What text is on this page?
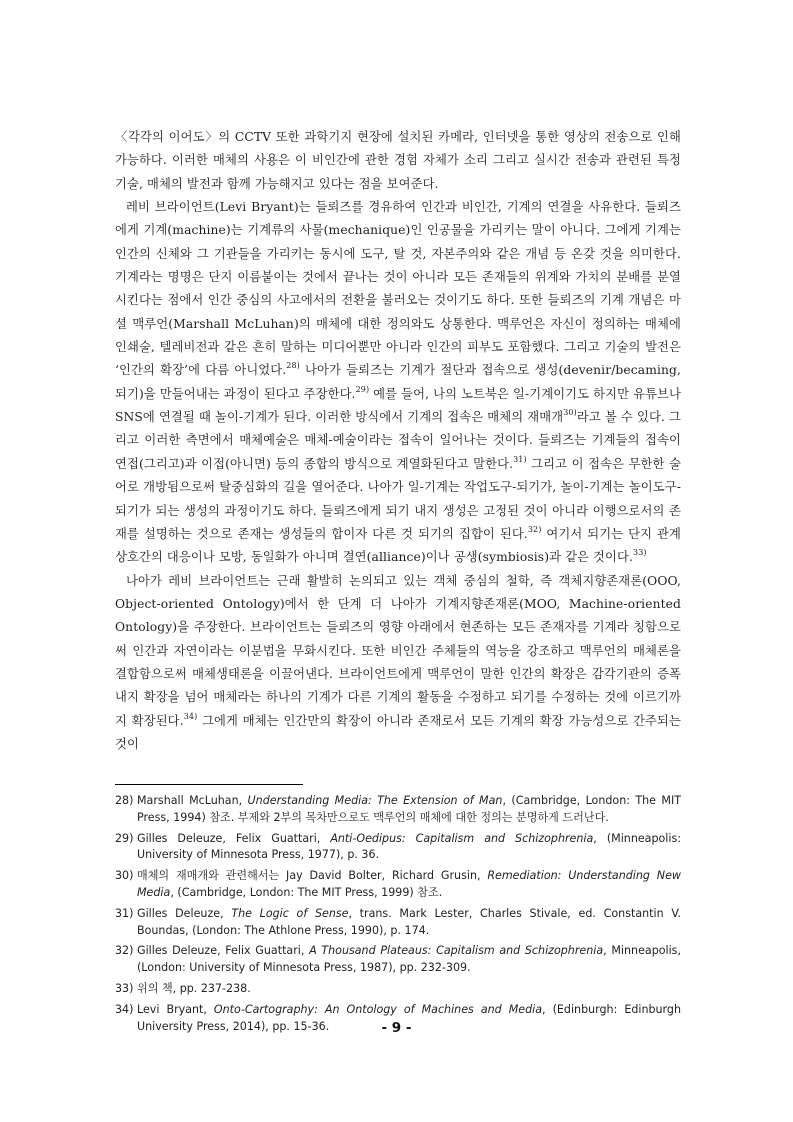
〈각각의 이어도〉의 CCTV 또한 과학기지 현장에 설치된 카메라, 인터넷을 통한 영상의 전송으로 인해 가능하다. 이러한 매체의 사용은 이 비인간에 관한 경험 자체가 소리 그리고 실시간 전송과 관련된 특정 기술, 매체의 발전과 함께 가능해지고 있다는 점을 보여준다.

레비 브라이언트(Levi Bryant)는 들뢰즈를 경유하여 인간과 비인간, 기계의 연결을 사유한다. 들뢰즈에게 기계(machine)는 기계류의 사물(mechanique)인 인공물을 가리키는 말이 아니다. 그에게 기계는 인간의 신체와 그 기관들을 가리키는 동시에 도구, 탈 것, 자본주의와 같은 개념 등 온갖 것을 의미한다. 기계라는 명명은 단지 이름붙이는 것에서 끝나는 것이 아니라 모든 존재들의 위계와 가치의 분배를 분열시킨다는 점에서 인간 중심의 사고에서의 전환을 불러오는 것이기도 하다. 또한 들뢰즈의 기계 개념은 마셜 맥루언(Marshall McLuhan)의 매체에 대한 정의와도 상통한다. 맥루언은 자신이 정의하는 매체에 인쇄술, 텔레비전과 같은 흔히 말하는 미디어뿐만 아니라 인간의 피부도 포함했다. 그리고 기술의 발전은 ‘인간의 확장’에 다름 아니었다.$^{28)}$ 나아가 들뢰즈는 기계가 절단과 접속으로 생성(devenir/becaming, 되기)을 만들어내는 과정이 된다고 주장한다.$^{29)}$ 예를 들어, 나의 노트북은 일-기계이기도 하지만 유튜브나 SNS에 연결될 때 놀이-기계가 된다. 이러한 방식에서 기계의 접속은 매체의 재매개$^{30)}$라고 볼 수 있다. 그리고 이러한 측면에서 매체예술은 매체-예술이라는 접속이 일어나는 것이다. 들뢰즈는 기계들의 접속이 연접(그리고)과 이접(아니면) 등의 종합의 방식으로 계열화된다고 말한다.$^{31)}$ 그리고 이 접속은 무한한 술어로 개방됨으로써 탈중심화의 길을 열어준다. 나아가 일-기계는 작업도구-되기가, 놀이-기계는 놀이도구-되기가 되는 생성의 과정이기도 하다. 들뢰즈에게 되기 내지 생성은 고정된 것이 아니라 이행으로서의 존재를 설명하는 것으로 존재는 생성들의 합이자 다른 것 되기의 집합이 된다.$^{32)}$ 여기서 되기는 단지 관계 상호간의 대응이나 모방, 동일화가 아니며 결연(alliance)이나 공생(symbiosis)과 같은 것이다.$^{33)}$

나아가 레비 브라이언트는 근래 활발히 논의되고 있는 객체 중심의 철학, 즉 객체지향존재론(OOO, Object-oriented Ontology)에서 한 단계 더 나아가 기계지향존재론(MOO, Machine-oriented Ontology)을 주장한다. 브라이언트는 들뢰즈의 영향 아래에서 현존하는 모든 존재자를 기계라 칭함으로써 인간과 자연이라는 이분법을 무화시킨다. 또한 비인간 주체들의 역능을 강조하고 맥루언의 매체론을 결합함으로써 매체생태론을 이끌어낸다. 브라이언트에게 맥루언이 말한 인간의 확장은 감각기관의 증폭 내지 확장을 넘어 매체라는 하나의 기계가 다른 기계의 활동을 수정하고 되기를 수정하는 것에 이르기까지 확장된다.$^{34)}$ 그에게 매체는 인간만의 확장이 아니라 존재로서 모든 기계의 확장 가능성으로 간주되는 것이

28) Marshall McLuhan, Understanding Media: The Extension of Man, (Cambridge, London: The MIT Press, 1994) 참조. 부제와 2부의 목차만으로도 맥루언의 매체에 대한 정의는 분명하게 드러난다.
29) Gilles Deleuze, Felix Guattari, Anti-Oedipus: Capitalism and Schizophrenia, (Minneapolis: University of Minnesota Press, 1977), p. 36.
30) 매체의 재매개와 관련해서는 Jay David Bolter, Richard Grusin, Remediation: Understanding New Media, (Cambridge, London: The MIT Press, 1999) 참조.
31) Gilles Deleuze, The Logic of Sense, trans. Mark Lester, Charles Stivale, ed. Constantin V. Boundas, (London: The Athlone Press, 1990), p. 174.
32) Gilles Deleuze, Felix Guattari, A Thousand Plateaus: Capitalism and Schizophrenia, Minneapolis, (London: University of Minnesota Press, 1987), pp. 232-309.
33) 위의 책, pp. 237-238.
34) Levi Bryant, Onto-Cartography: An Ontology of Machines and Media, (Edinburgh: Edinburgh University Press, 2014), pp. 15-36.	- 9 -
